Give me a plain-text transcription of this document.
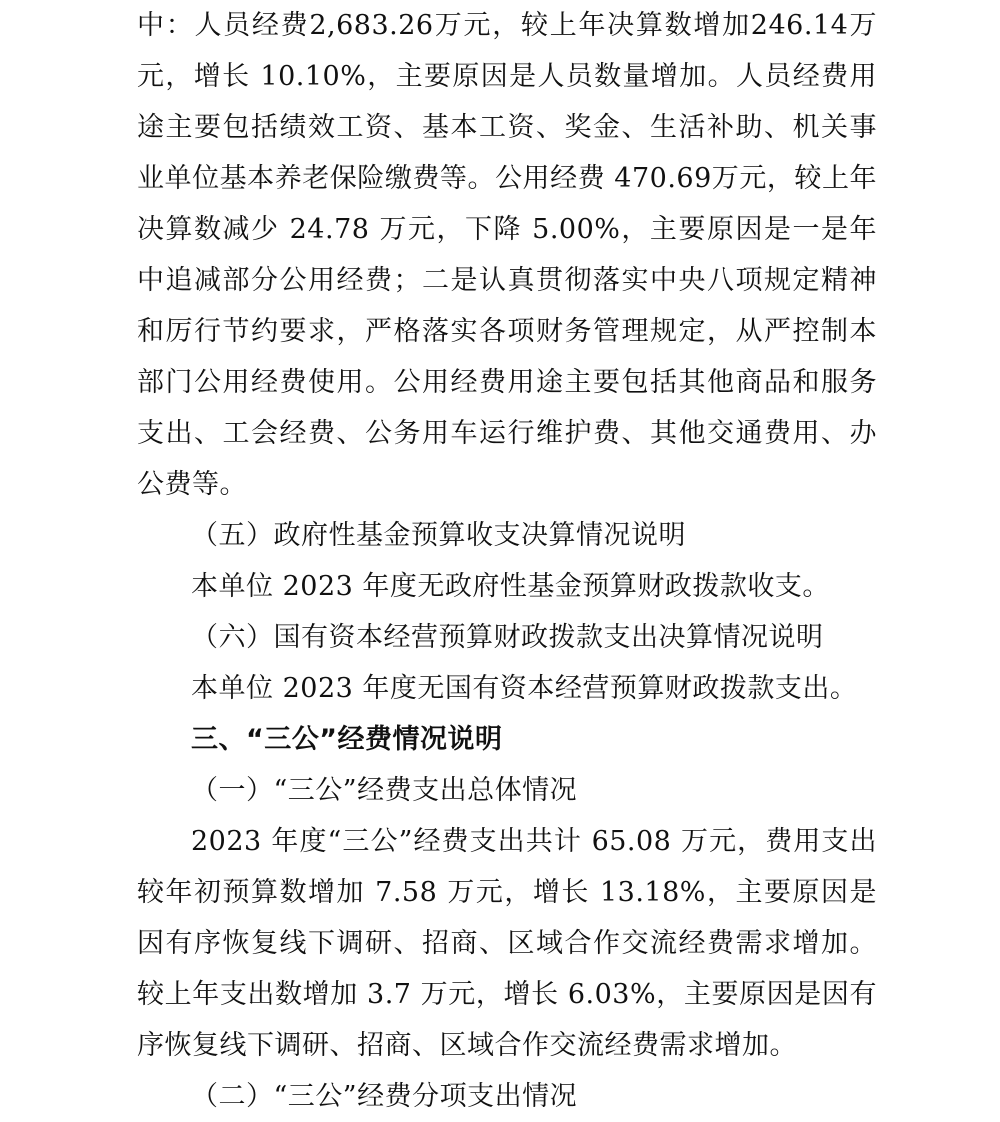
中：人员经费2,683.26万元，较上年决算数增加246.14万元，增长 10.10%，主要原因是人员数量增加。人员经费用途主要包括绩效工资、基本工资、奖金、生活补助、机关事业单位基本养老保险缴费等。公用经费 470.69万元，较上年决算数减少 24.78 万元，下降 5.00%，主要原因是一是年中追减部分公用经费；二是认真贯彻落实中央八项规定精神和厉行节约要求，严格落实各项财务管理规定，从严控制本部门公用经费使用。公用经费用途主要包括其他商品和服务支出、工会经费、公务用车运行维护费、其他交通费用、办公费等。

（五）政府性基金预算收支决算情况说明

本单位 2023 年度无政府性基金预算财政拨款收支。

（六）国有资本经营预算财政拨款支出决算情况说明

本单位 2023 年度无国有资本经营预算财政拨款支出。

三、“三公”经费情况说明

（一）“三公”经费支出总体情况

2023 年度“三公”经费支出共计 65.08 万元，费用支出较年初预算数增加 7.58 万元，增长 13.18%，主要原因是因有序恢复线下调研、招商、区域合作交流经费需求增加。较上年支出数增加 3.7 万元，增长 6.03%，主要原因是因有序恢复线下调研、招商、区域合作交流经费需求增加。

（二）“三公”经费分项支出情况
